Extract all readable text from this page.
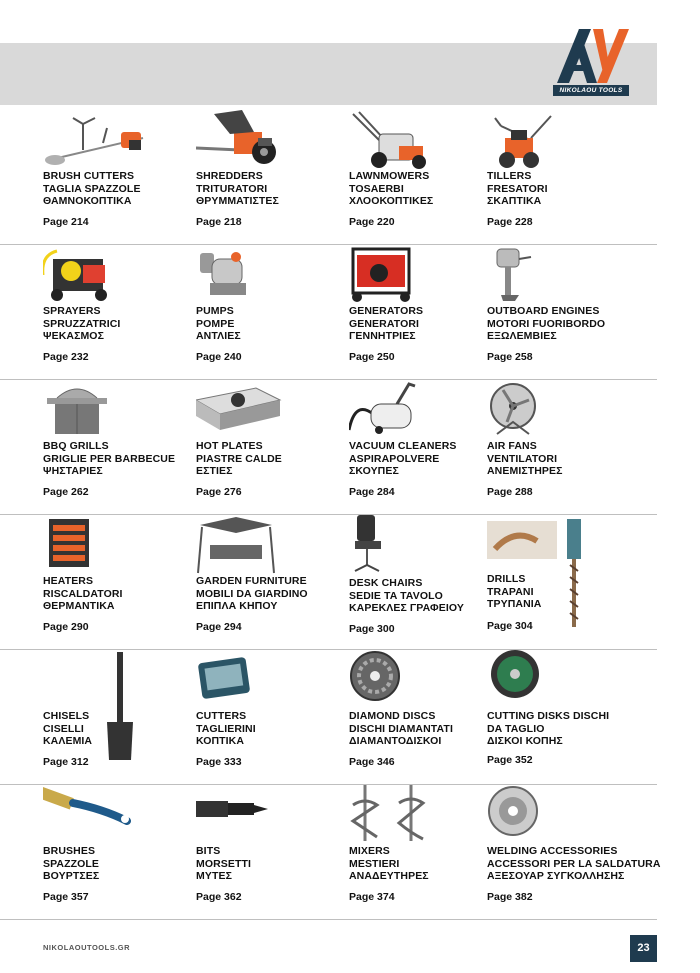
NIKOLAOU TOOLS
BRUSH CUTTERS
TAGLIA SPAZZOLE
ΘΑΜΝΟΚΟΠΤΙΚΑ
Page 214
SHREDDERS
TRITURATORI
ΘΡΥΜΜΑΤΙΣΤΕΣ
Page 218
LAWNMOWERS
TOSAERBI
ΧΛΟΟΚΟΠΤΙΚΕΣ
Page 220
TILLERS
FRESATORI
ΣΚΑΠΤΙΚΑ
Page 228
SPRAYERS
SPRUZZATRICI
ΨΕΚΑΣΜΟΣ
Page 232
PUMPS
POMPE
ΑΝΤΛΙΕΣ
Page 240
GENERATORS
GENERATORI
ΓΕΝΝΗΤΡΙΕΣ
Page 250
OUTBOARD ENGINES
MOTORI FUORIBORDO
ΕΞΩΛΕΜΒΙΕΣ
Page 258
BBQ GRILLS
GRIGLIE PER BARBECUE
ΨΗΣΤΑΡΙΕΣ
Page 262
HOT PLATES
PIASTRE CALDE
ΕΣΤΙΕΣ
Page 276
VACUUM CLEANERS
ASPIRAPOLVERE
ΣΚΟΥΠΕΣ
Page 284
AIR FANS
VENTILATORI
ΑΝΕΜΙΣΤΗΡΕΣ
Page 288
HEATERS
RISCALDATORI
ΘΕΡΜΑΝΤΙΚΑ
Page 290
GARDEN FURNITURE
MOBILI DA GIARDINO
ΕΠΙΠΛΑ ΚΗΠΟΥ
Page 294
DESK CHAIRS
SEDIE TA TAVOLO
ΚΑΡΕΚΛΕΣ ΓΡΑΦΕΙΟΥ
Page 300
DRILLS
TRAPANI
ΤΡΥΠΑΝΙΑ
Page 304
CHISELS
CISELLI
ΚΑΛΕΜΙΑ
Page 312
CUTTERS
TAGLIERINI
ΚΟΠΤΙΚΑ
Page 333
DIAMOND DISCS
DISCHI DIAMANTATI
ΔΙΑΜΑΝΤΟΔΙΣΚΟΙ
Page 346
CUTTING DISKS DISCHI
DA TAGLIO
ΔΙΣΚΟΙ ΚΟΠΗΣ
Page 352
BRUSHES
SPAZZOLE
ΒΟΥΡΤΣΕΣ
Page 357
BITS
MORSETTI
ΜΥΤΕΣ
Page 362
MIXERS
MESTIERI
ΑΝΑΔΕΥΤΗΡΕΣ
Page 374
WELDING ACCESSORIES
ACCESSORI PER LA SALDATURA
ΑΞΕΣΟΥΑΡ ΣΥΓΚΟΛΛΗΣΗΣ
Page 382
NIKOLAOUTOOLS.GR	23
